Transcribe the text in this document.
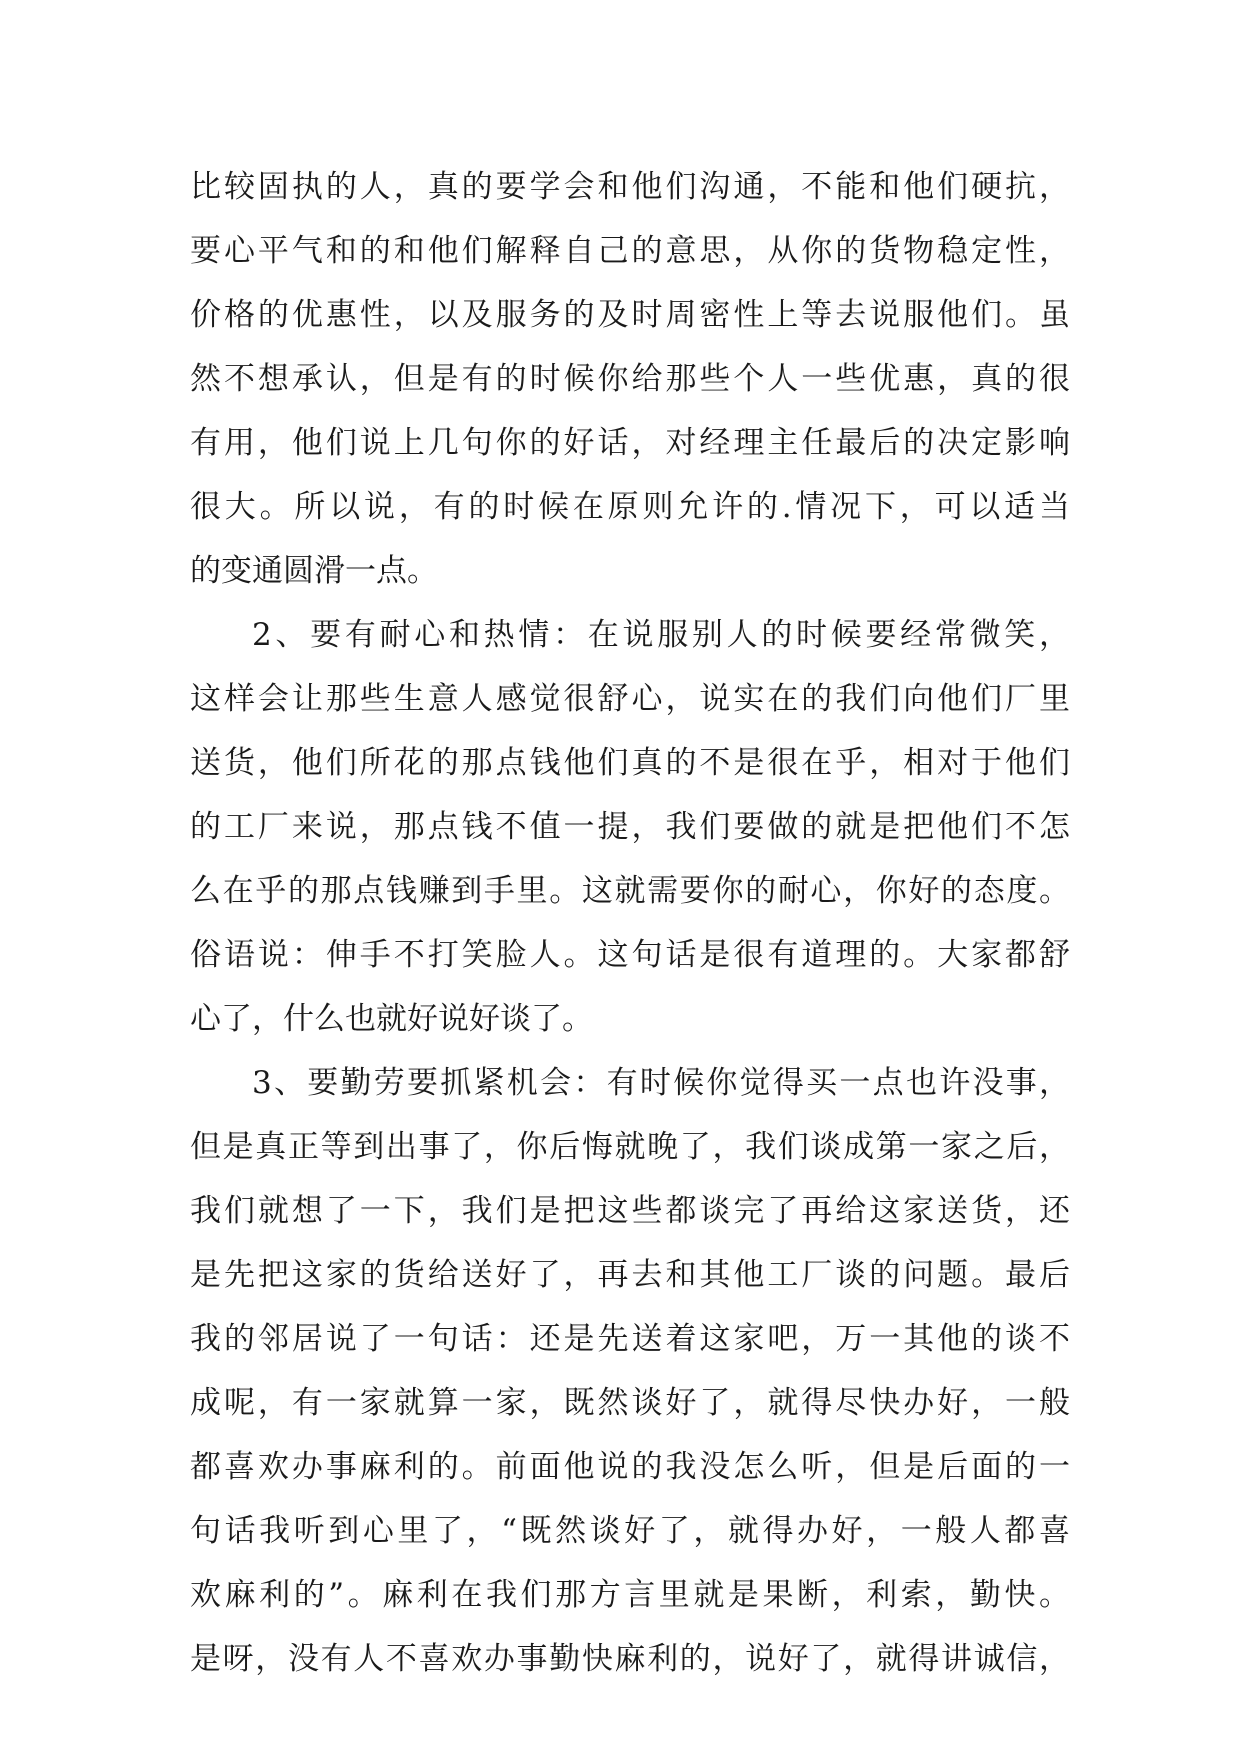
比较固执的人，真的要学会和他们沟通，不能和他们硬抗，
要心平气和的和他们解释自己的意思，从你的货物稳定性，
价格的优惠性，以及服务的及时周密性上等去说服他们。虽
然不想承认，但是有的时候你给那些个人一些优惠，真的很
有用，他们说上几句你的好话，对经理主任最后的决定影响
很大。所以说，有的时候在原则允许的.情况下，可以适当
的变通圆滑一点。
2、要有耐心和热情：在说服别人的时候要经常微笑，
这样会让那些生意人感觉很舒心，说实在的我们向他们厂里
送货，他们所花的那点钱他们真的不是很在乎，相对于他们
的工厂来说，那点钱不值一提，我们要做的就是把他们不怎
么在乎的那点钱赚到手里。这就需要你的耐心，你好的态度。
俗语说：伸手不打笑脸人。这句话是很有道理的。大家都舒
心了，什么也就好说好谈了。
3、要勤劳要抓紧机会：有时候你觉得买一点也许没事，
但是真正等到出事了，你后悔就晚了，我们谈成第一家之后，
我们就想了一下，我们是把这些都谈完了再给这家送货，还
是先把这家的货给送好了，再去和其他工厂谈的问题。最后
我的邻居说了一句话：还是先送着这家吧，万一其他的谈不
成呢，有一家就算一家，既然谈好了，就得尽快办好，一般
都喜欢办事麻利的。前面他说的我没怎么听，但是后面的一
句话我听到心里了，“既然谈好了，就得办好，一般人都喜
欢麻利的”。麻利在我们那方言里就是果断，利索，勤快。
是呀，没有人不喜欢办事勤快麻利的，说好了，就得讲诚信，
